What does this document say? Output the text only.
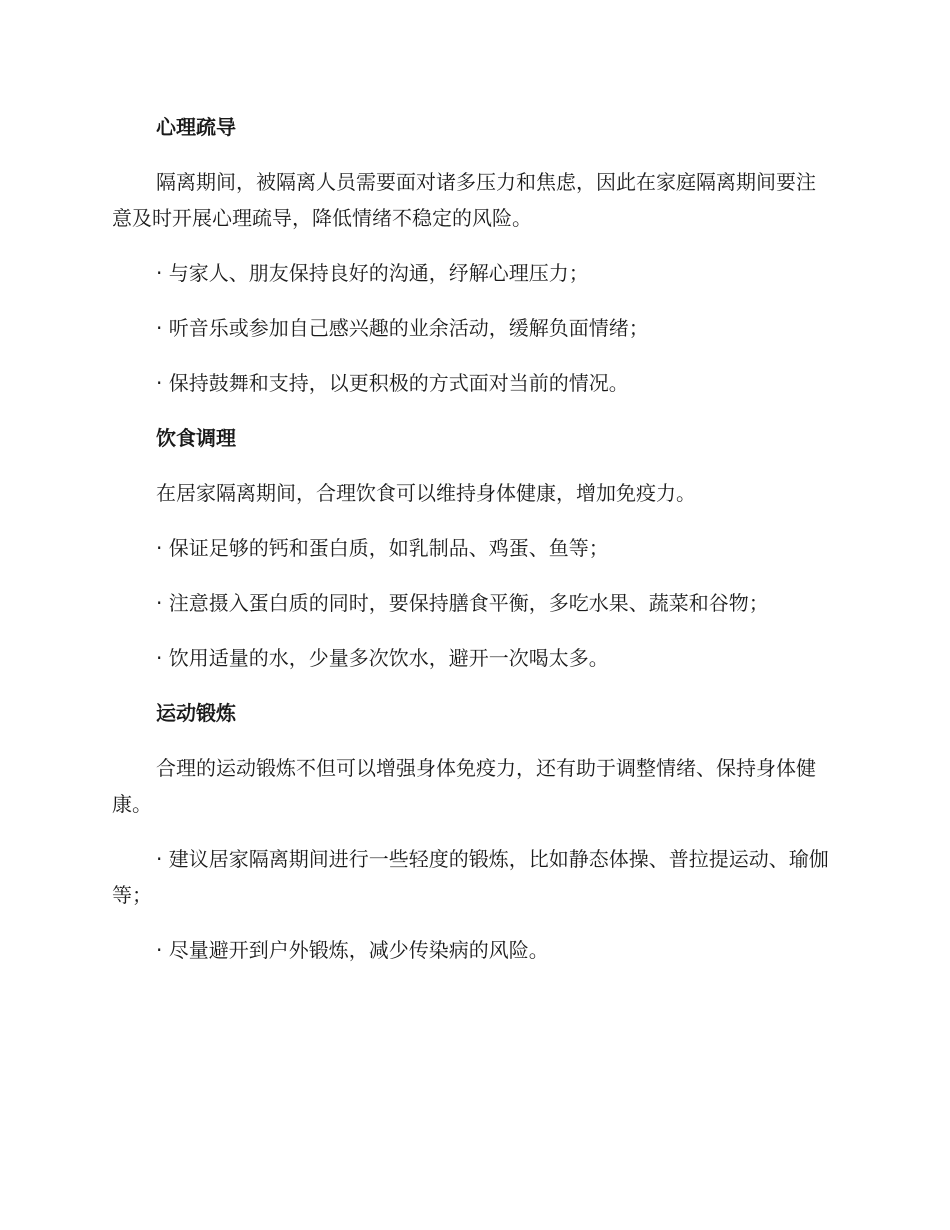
心理疏导

隔离期间，被隔离人员需要面对诸多压力和焦虑，因此在家庭隔离期间要注意及时开展心理疏导，降低情绪不稳定的风险。

· 与家人、朋友保持良好的沟通，纾解心理压力；

· 听音乐或参加自己感兴趣的业余活动，缓解负面情绪；

· 保持鼓舞和支持，以更积极的方式面对当前的情况。

饮食调理

在居家隔离期间，合理饮食可以维持身体健康，增加免疫力。

· 保证足够的钙和蛋白质，如乳制品、鸡蛋、鱼等；

· 注意摄入蛋白质的同时，要保持膳食平衡，多吃水果、蔬菜和谷物；

· 饮用适量的水，少量多次饮水，避开一次喝太多。

运动锻炼

合理的运动锻炼不但可以增强身体免疫力，还有助于调整情绪、保持身体健康。

· 建议居家隔离期间进行一些轻度的锻炼，比如静态体操、普拉提运动、瑜伽等；

· 尽量避开到户外锻炼，减少传染病的风险。
